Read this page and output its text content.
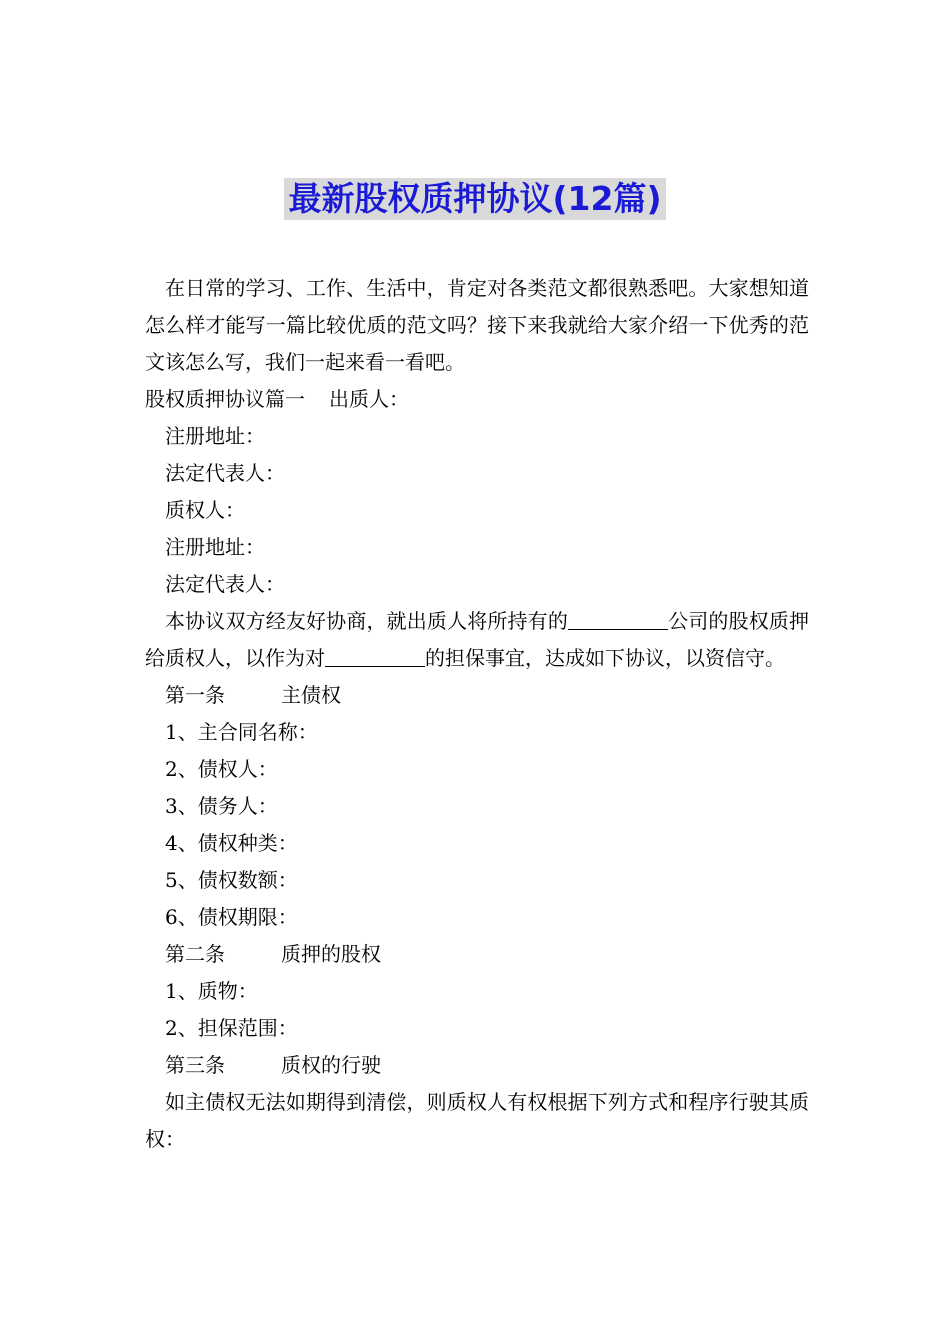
最新股权质押协议(12篇)

在日常的学习、工作、生活中，肯定对各类范文都很熟悉吧。大家想知道怎么样才能写一篇比较优质的范文吗？接下来我就给大家介绍一下优秀的范文该怎么写，我们一起来看一看吧。

股权质押协议篇一 出质人：

注册地址：

法定代表人：

质权人：

注册地址：

法定代表人：

本协议双方经友好协商，就出质人将所持有的	公司的股权质押给质权人，以作为对	的担保事宜，达成如下协议，以资信守。

第一条	主债权

1、主合同名称：

2、债权人：

3、债务人：

4、债权种类：

5、债权数额：

6、债权期限：

第二条	质押的股权

1、质物：

2、担保范围：

第三条	质权的行驶

如主债权无法如期得到清偿，则质权人有权根据下列方式和程序行驶其质权：
